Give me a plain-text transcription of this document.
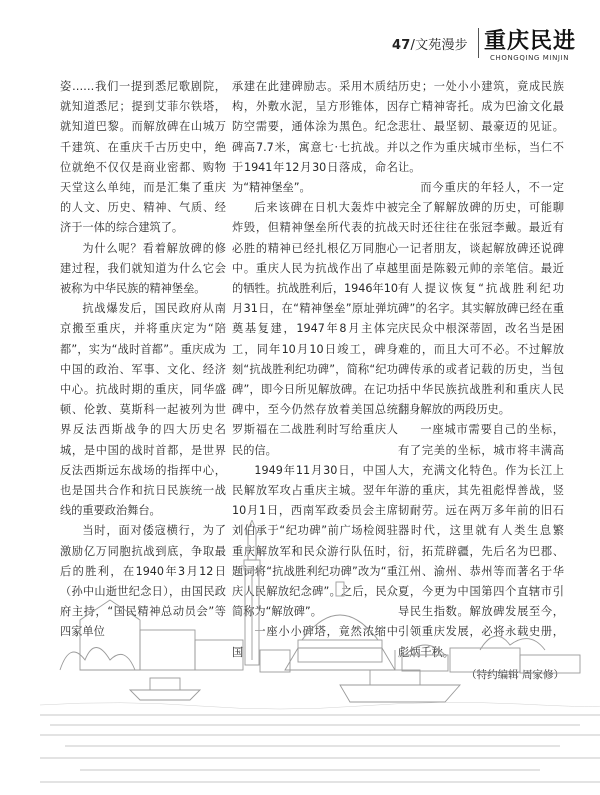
47/文苑漫步 重庆民进
CHONGQING MINJIN

姿……我们一提到悉尼歌剧院，就知道悉尼；提到艾菲尔铁塔，就知道巴黎。而解放碑在山城万千建筑、在重庆千古历史中，绝位就绝不仅仅是商业密都、购物天堂这么单纯，而是汇集了重庆的人文、历史、精神、气质、经济于一体的综合建筑了。

为什么呢？看着解放碑的修建过程，我们就知道为什么它会被称为中华民族的精神堡垒。

抗战爆发后，国民政府从南京搬至重庆，并将重庆定为“陪都”，实为“战时首都”。重庆成为中国的政治、军事、文化、经济中心。抗战时期的重庆，同华盛顿、伦敦、莫斯科一起被列为世界反法西斯战争的四大历史名城，是中国的战时首都，是世界反法西斯远东战场的指挥中心，也是国共合作和抗日民族统一战线的重要政治舞台。

当时，面对倭寇横行，为了激励亿万同胞抗战到底，争取最后的胜利，在1940年3月12日（孙中山逝世纪念日），由国民政府主持，“国民精神总动员会”等四家单位

承建在此建碑励志。采用木质结构，外敷水泥，呈方形锥体，因防空需要，通体涂为黑色。纪念碑高7.7米，寓意七·七抗战。并于1941年12月30日落成，命名为“精神堡垒”。

后来该碑在日机大轰炸中被炸毁，但精神堡垒所代表的抗战必胜的精神已经扎根亿万同胞心中。重庆人民为抗战作出了卓越的牺牲。抗战胜利后，1946年10月31日，在“精神堡垒”原址弹坑奠基复建，1947年8月主体完工，同年10月10日竣工，碑身刻“抗战胜利纪功碑”，简称“纪功碑”，即今日所见解放碑。在记功碑中，至今仍然存放着美国总统罗斯福在二战胜利时写给重庆人民的信。

1949年11月30日，中国人民解放军攻占重庆主城。翌年年10月1日，西南军政委员会主席刘伯承于“纪功碑”前广场检阅驻重庆解放军和民众游行队伍时，题词将“抗战胜利纪功碑”改为“重庆人民解放纪念碑”。之后，民众简称为“解放碑”。

一座小小碑塔，竟然浓缩中国

历史；一处小小建筑，竟成民族存亡精神寄托。成为巴渝文化最悲壮、最坚韧、最豪迈的见证。以之作为重庆城市坐标，当仁不让。

而今重庆的年轻人，不一定完全了解解放碑的历史，可能聊天时还往往在张冠李戴。最近有一记者朋友，谈起解放碑还说碑里面是陈毅元帅的亲笔信。最近有人提议恢复“抗战胜利纪功碑”的名字。其实解放碑已经在重庆民众中根深蒂固，改名当是困难的，而且大可不必。不过解放碑传承的或者记载的历史，当包括中华民族抗战胜利和重庆人民翻身解放的两段历史。

一座城市需要自己的坐标，有了完美的坐标，城市将丰满高大，充满文化特色。作为长江上游的重庆，其先祖彪悍善战，竖韧耐劳。远在两万多年前的旧石器时代，这里就有人类生息繁衍，拓荒辟疆，先后名为巴郡、江州、渝州、恭州等而著名于华夏，今更为中国第四个直辖市引导民生指数。解放碑发展至今，引领重庆发展，必将永载史册，彪炳千秋。

（特约编辑 周家修）
